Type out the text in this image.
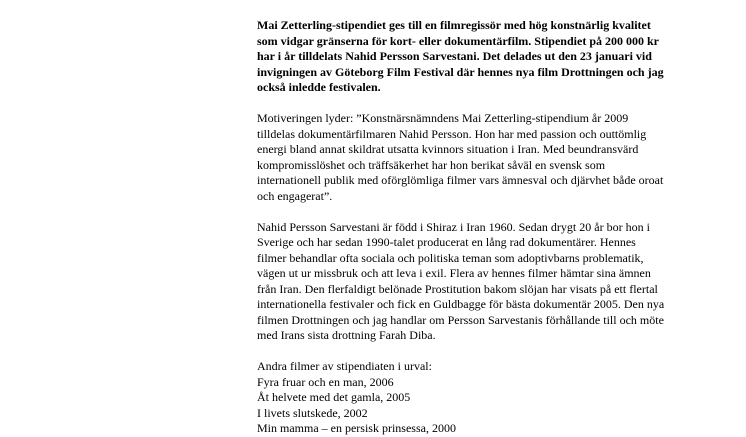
Mai Zetterling-stipendiet ges till en filmregissör med hög konstnärlig kvalitet
som vidgar gränserna för kort- eller dokumentärfilm. Stipendiet på 200 000 kr
har i år tilldelats Nahid Persson Sarvestani. Det delades ut den 23 januari vid
invigningen av Göteborg Film Festival där hennes nya film Drottningen och jag
också inledde festivalen.
Motiveringen lyder: ”Konstnärsnämndens Mai Zetterling-stipendium år 2009
tilldelas dokumentärfilmaren Nahid Persson. Hon har med passion och outtömlig
energi bland annat skildrat utsatta kvinnors situation i Iran. Med beundransvärd
kompromisslöshet och träffsäkerhet har hon berikat såväl en svensk som
internationell publik med oförglömliga filmer vars ämnesval och djärvhet både oroat
och engagerat”.
Nahid Persson Sarvestani är född i Shiraz i Iran 1960. Sedan drygt 20 år bor hon i
Sverige och har sedan 1990-talet producerat en lång rad dokumentärer. Hennes
filmer behandlar ofta sociala och politiska teman som adoptivbarns problematik,
vägen ut ur missbruk och att leva i exil. Flera av hennes filmer hämtar sina ämnen
från Iran. Den flerfaldigt belönade Prostitution bakom slöjan har visats på ett flertal
internationella festivaler och fick en Guldbagge för bästa dokumentär 2005. Den nya
filmen Drottningen och jag handlar om Persson Sarvestanis förhållande till och möte
med Irans sista drottning Farah Diba.
Andra filmer av stipendiaten i urval:
Fyra fruar och en man, 2006
Åt helvete med det gamla, 2005
I livets slutskede, 2002
Min mamma – en persisk prinsessa, 2000
